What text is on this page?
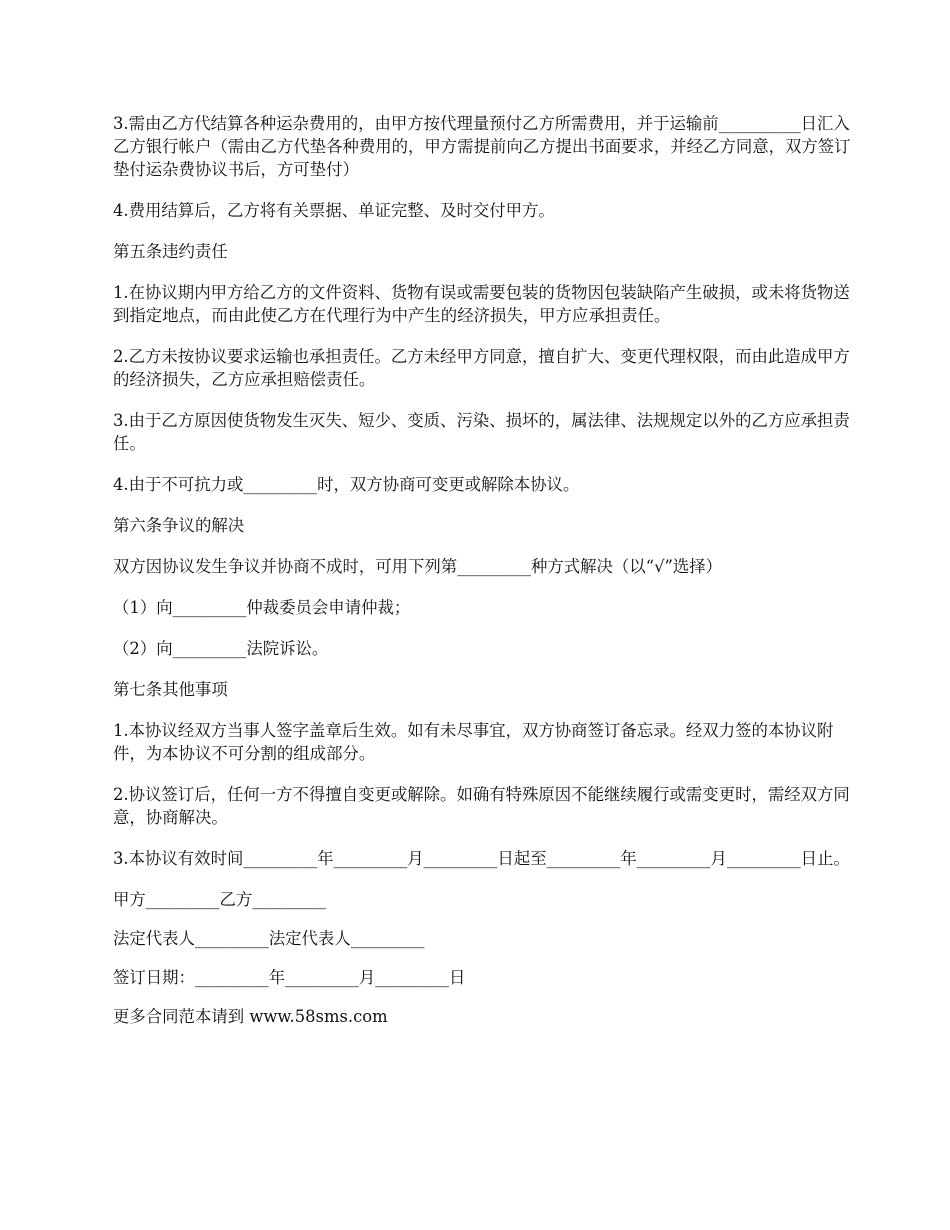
3.需由乙方代结算各种运杂费用的，由甲方按代理量预付乙方所需费用，并于运输前__________日汇入乙方银行帐户（需由乙方代垫各种费用的，甲方需提前向乙方提出书面要求，并经乙方同意，双方签订垫付运杂费协议书后，方可垫付）

4.费用结算后，乙方将有关票据、单证完整、及时交付甲方。

第五条违约责任

1.在协议期内甲方给乙方的文件资料、货物有误或需要包装的货物因包装缺陷产生破损，或未将货物送到指定地点，而由此使乙方在代理行为中产生的经济损失，甲方应承担责任。

2.乙方未按协议要求运输也承担责任。乙方未经甲方同意，擅自扩大、变更代理权限，而由此造成甲方的经济损失，乙方应承担赔偿责任。

3.由于乙方原因使货物发生灭失、短少、变质、污染、损坏的，属法律、法规规定以外的乙方应承担责任。

4.由于不可抗力或_________时，双方协商可变更或解除本协议。

第六条争议的解决

双方因协议发生争议并协商不成时，可用下列第_________种方式解决（以“√”选择）

（1）向_________仲裁委员会申请仲裁；

（2）向_________法院诉讼。

第七条其他事项

1.本协议经双方当事人签字盖章后生效。如有未尽事宜，双方协商签订备忘录。经双力签的本协议附件，为本协议不可分割的组成部分。

2.协议签订后，任何一方不得擅自变更或解除。如确有特殊原因不能继续履行或需变更时，需经双方同意，协商解决。

3.本协议有效时间_________年_________月_________日起至_________年_________月_________日止。

甲方_________乙方_________

法定代表人_________法定代表人_________

签订日期：_________年_________月_________日

更多合同范本请到 www.58sms.com
